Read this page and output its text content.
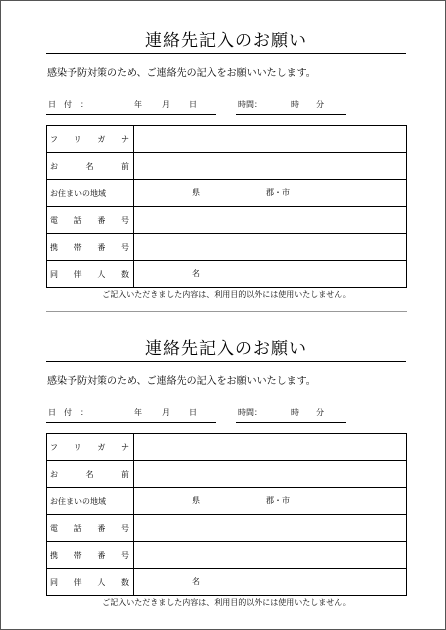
連絡先記入のお願い
感染予防対策のため、ご連絡先の記入をお願いいたします。
日　付　：	年	月 日	時間：	時 分
フ リ ガ ナ	

お 名 前	

お住まいの地域	県 郡・市

電 話 番 号	

携 帯 番 号	

同 伴 人 数	名
ご記入いただきました内容は、利用目的以外には使用いたしません。
連絡先記入のお願い
感染予防対策のため、ご連絡先の記入をお願いいたします。
日　付　：	年	月 日	時間：	時 分
フ リ ガ ナ	

お 名 前	

お住まいの地域	県 郡・市

電 話 番 号	

携 帯 番 号	

同 伴 人 数	名
ご記入いただきました内容は、利用目的以外には使用いたしません。
